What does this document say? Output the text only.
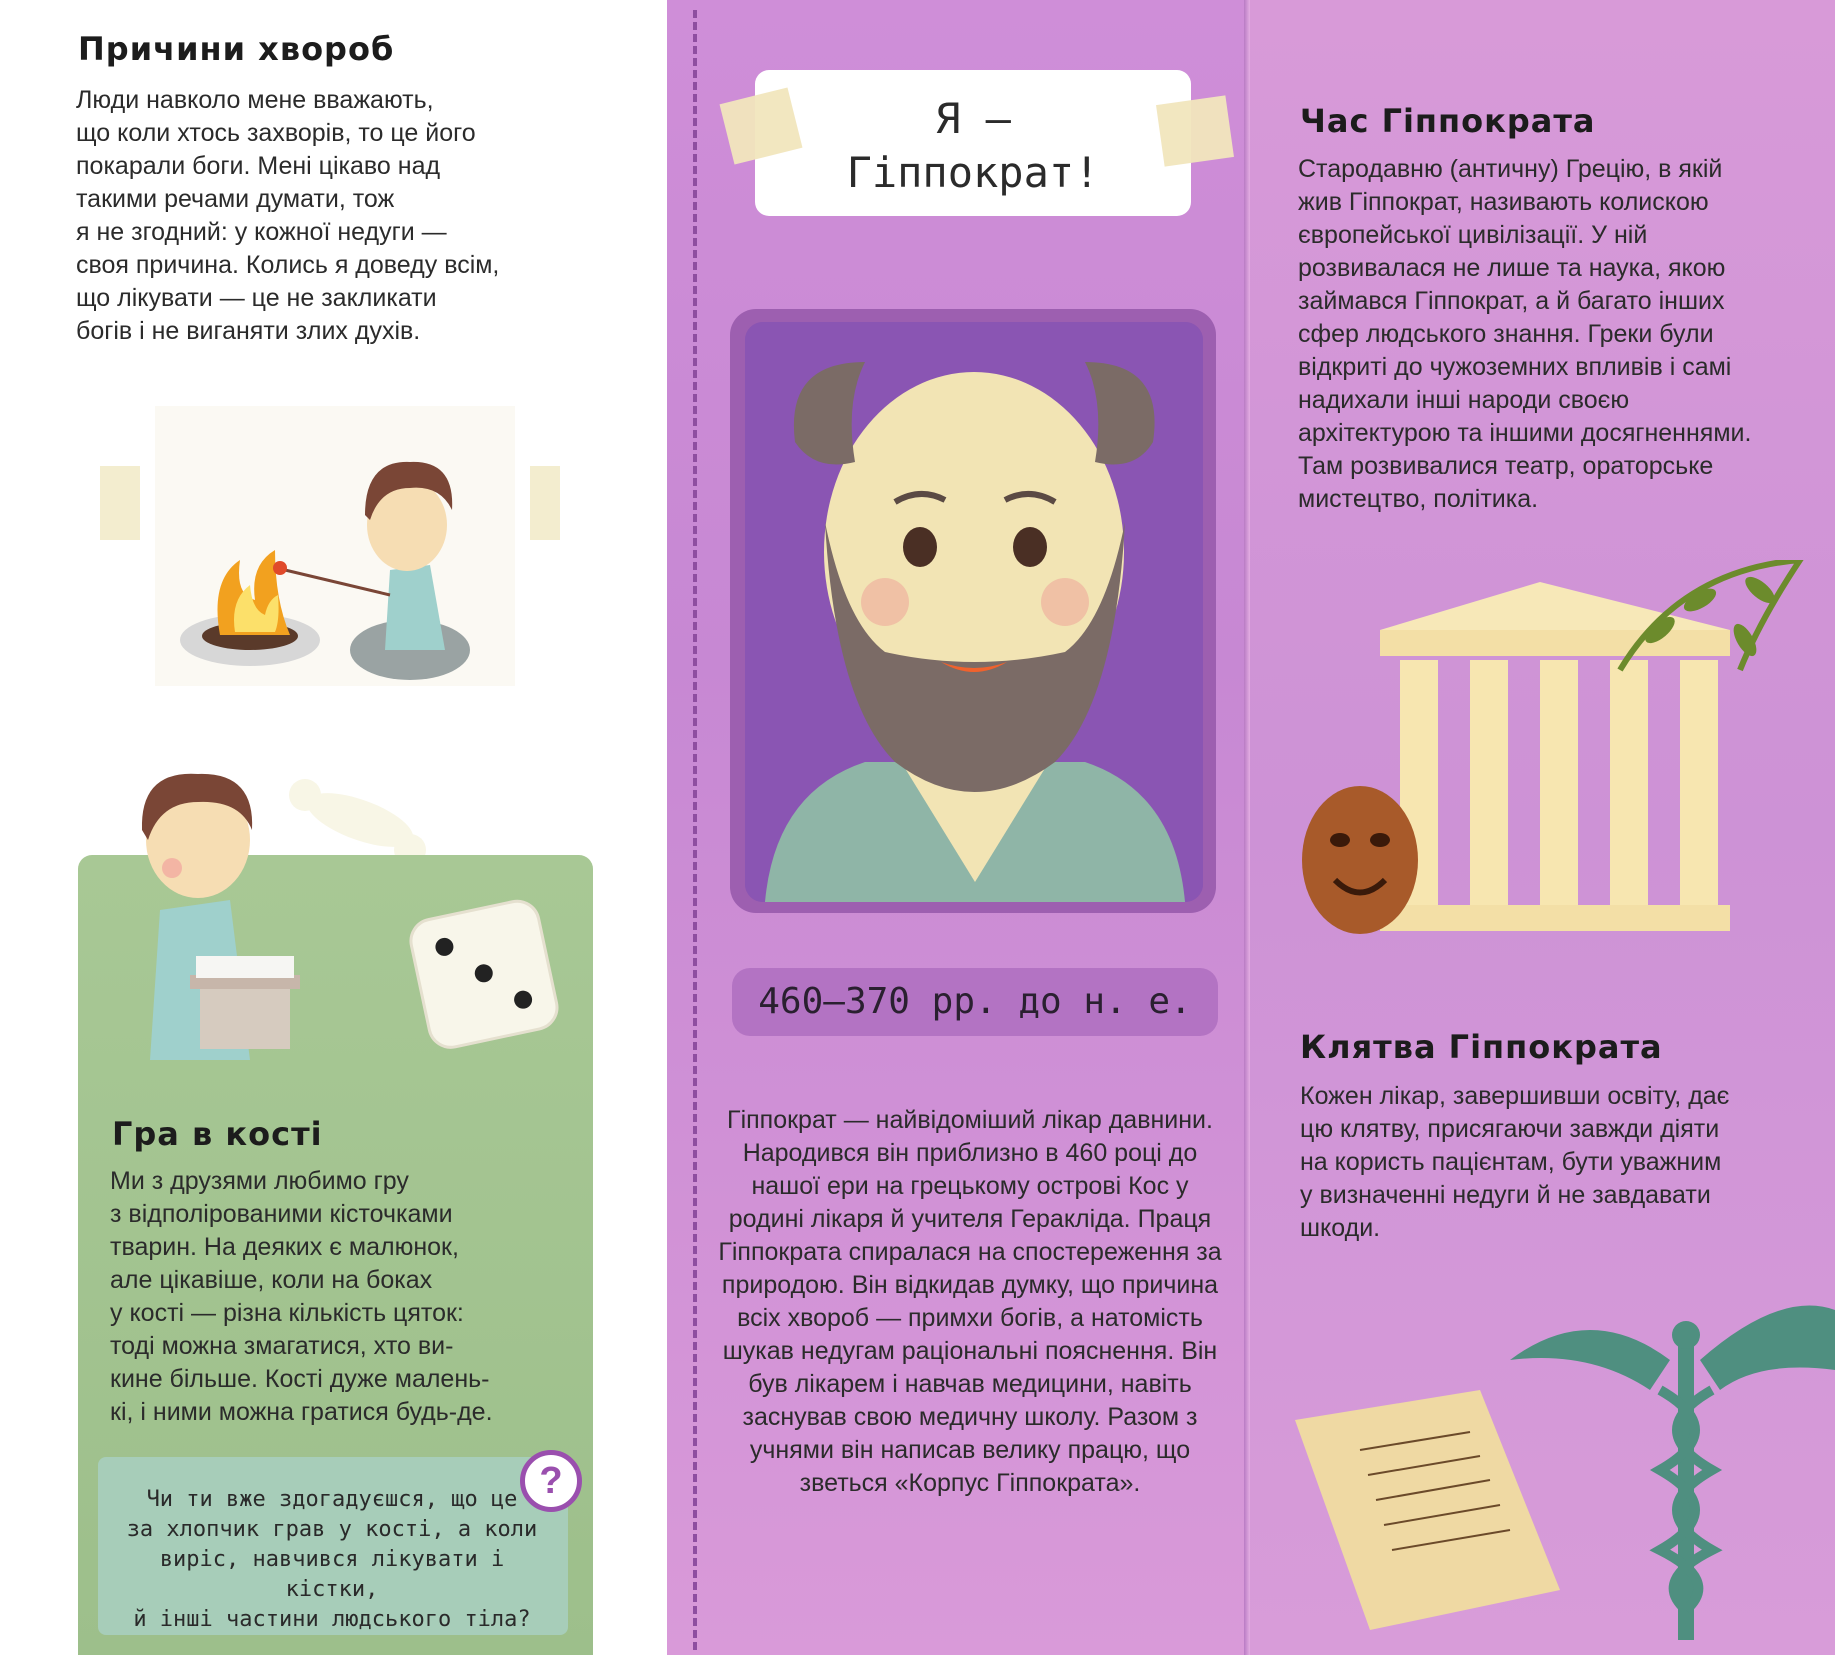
Причини хвороб
Люди навколо мене вважають,
що коли хтось захворів, то це його
покарали боги. Мені цікаво над
такими речами думати, тож
я не згодний: у кожної недуги —
своя причина. Колись я доведу всім,
що лікувати — це не закликати
богів і не виганяти злих духів.
Гра в кості
Ми з друзями любимо гру
з відполірованими кісточками
тварин. На деяких є малюнок,
але цікавіше, коли на боках
у кості — різна кількість цяток:
тоді можна змагатися, хто ви-
кине більше. Кості дуже малень-
кі, і ними можна гратися будь-де.
Чи ти вже здогадуєшся, що це
за хлопчик грав у кості, а коли
виріс, навчився лікувати і кістки,
й інші частини людського тіла?
?
Я —
Гіппократ!
460–370 рр. до н. е.
Гіппократ — найвідоміший лікар давнини. Народився він приблизно в 460 році до нашої ери на грецькому острові Кос у родині лікаря й учителя Гераклідa. Праця Гіппократа спиралася на спостереження за природою. Він відкидав думку, що причина всіх хвороб — примхи богів, а натомість шукав недугам раціональні пояснення. Він був лікарем і навчав медицини, навіть заснував свою медичну школу. Разом з учнями він написав велику працю, що зветься «Корпус Гіппократа».
Час Гіппократа
Стародавню (античну) Грецію, в якій
жив Гіппократ, називають колискою
європейської цивілізації. У ній
розвивалася не лише та наука, якою
займався Гіппократ, а й багато інших
сфер людського знання. Греки були
відкриті до чужоземних впливів і самі
надихали інші народи своєю
архітектурою та іншими досягненнями.
Там розвивалися театр, ораторське
мистецтво, політика.
Клятва Гіппократа
Кожен лікар, завершивши освіту, дає
цю клятву, присягаючи завжди діяти
на користь пацієнтам, бути уважним
у визначенні недуги й не завдавати
шкоди.
